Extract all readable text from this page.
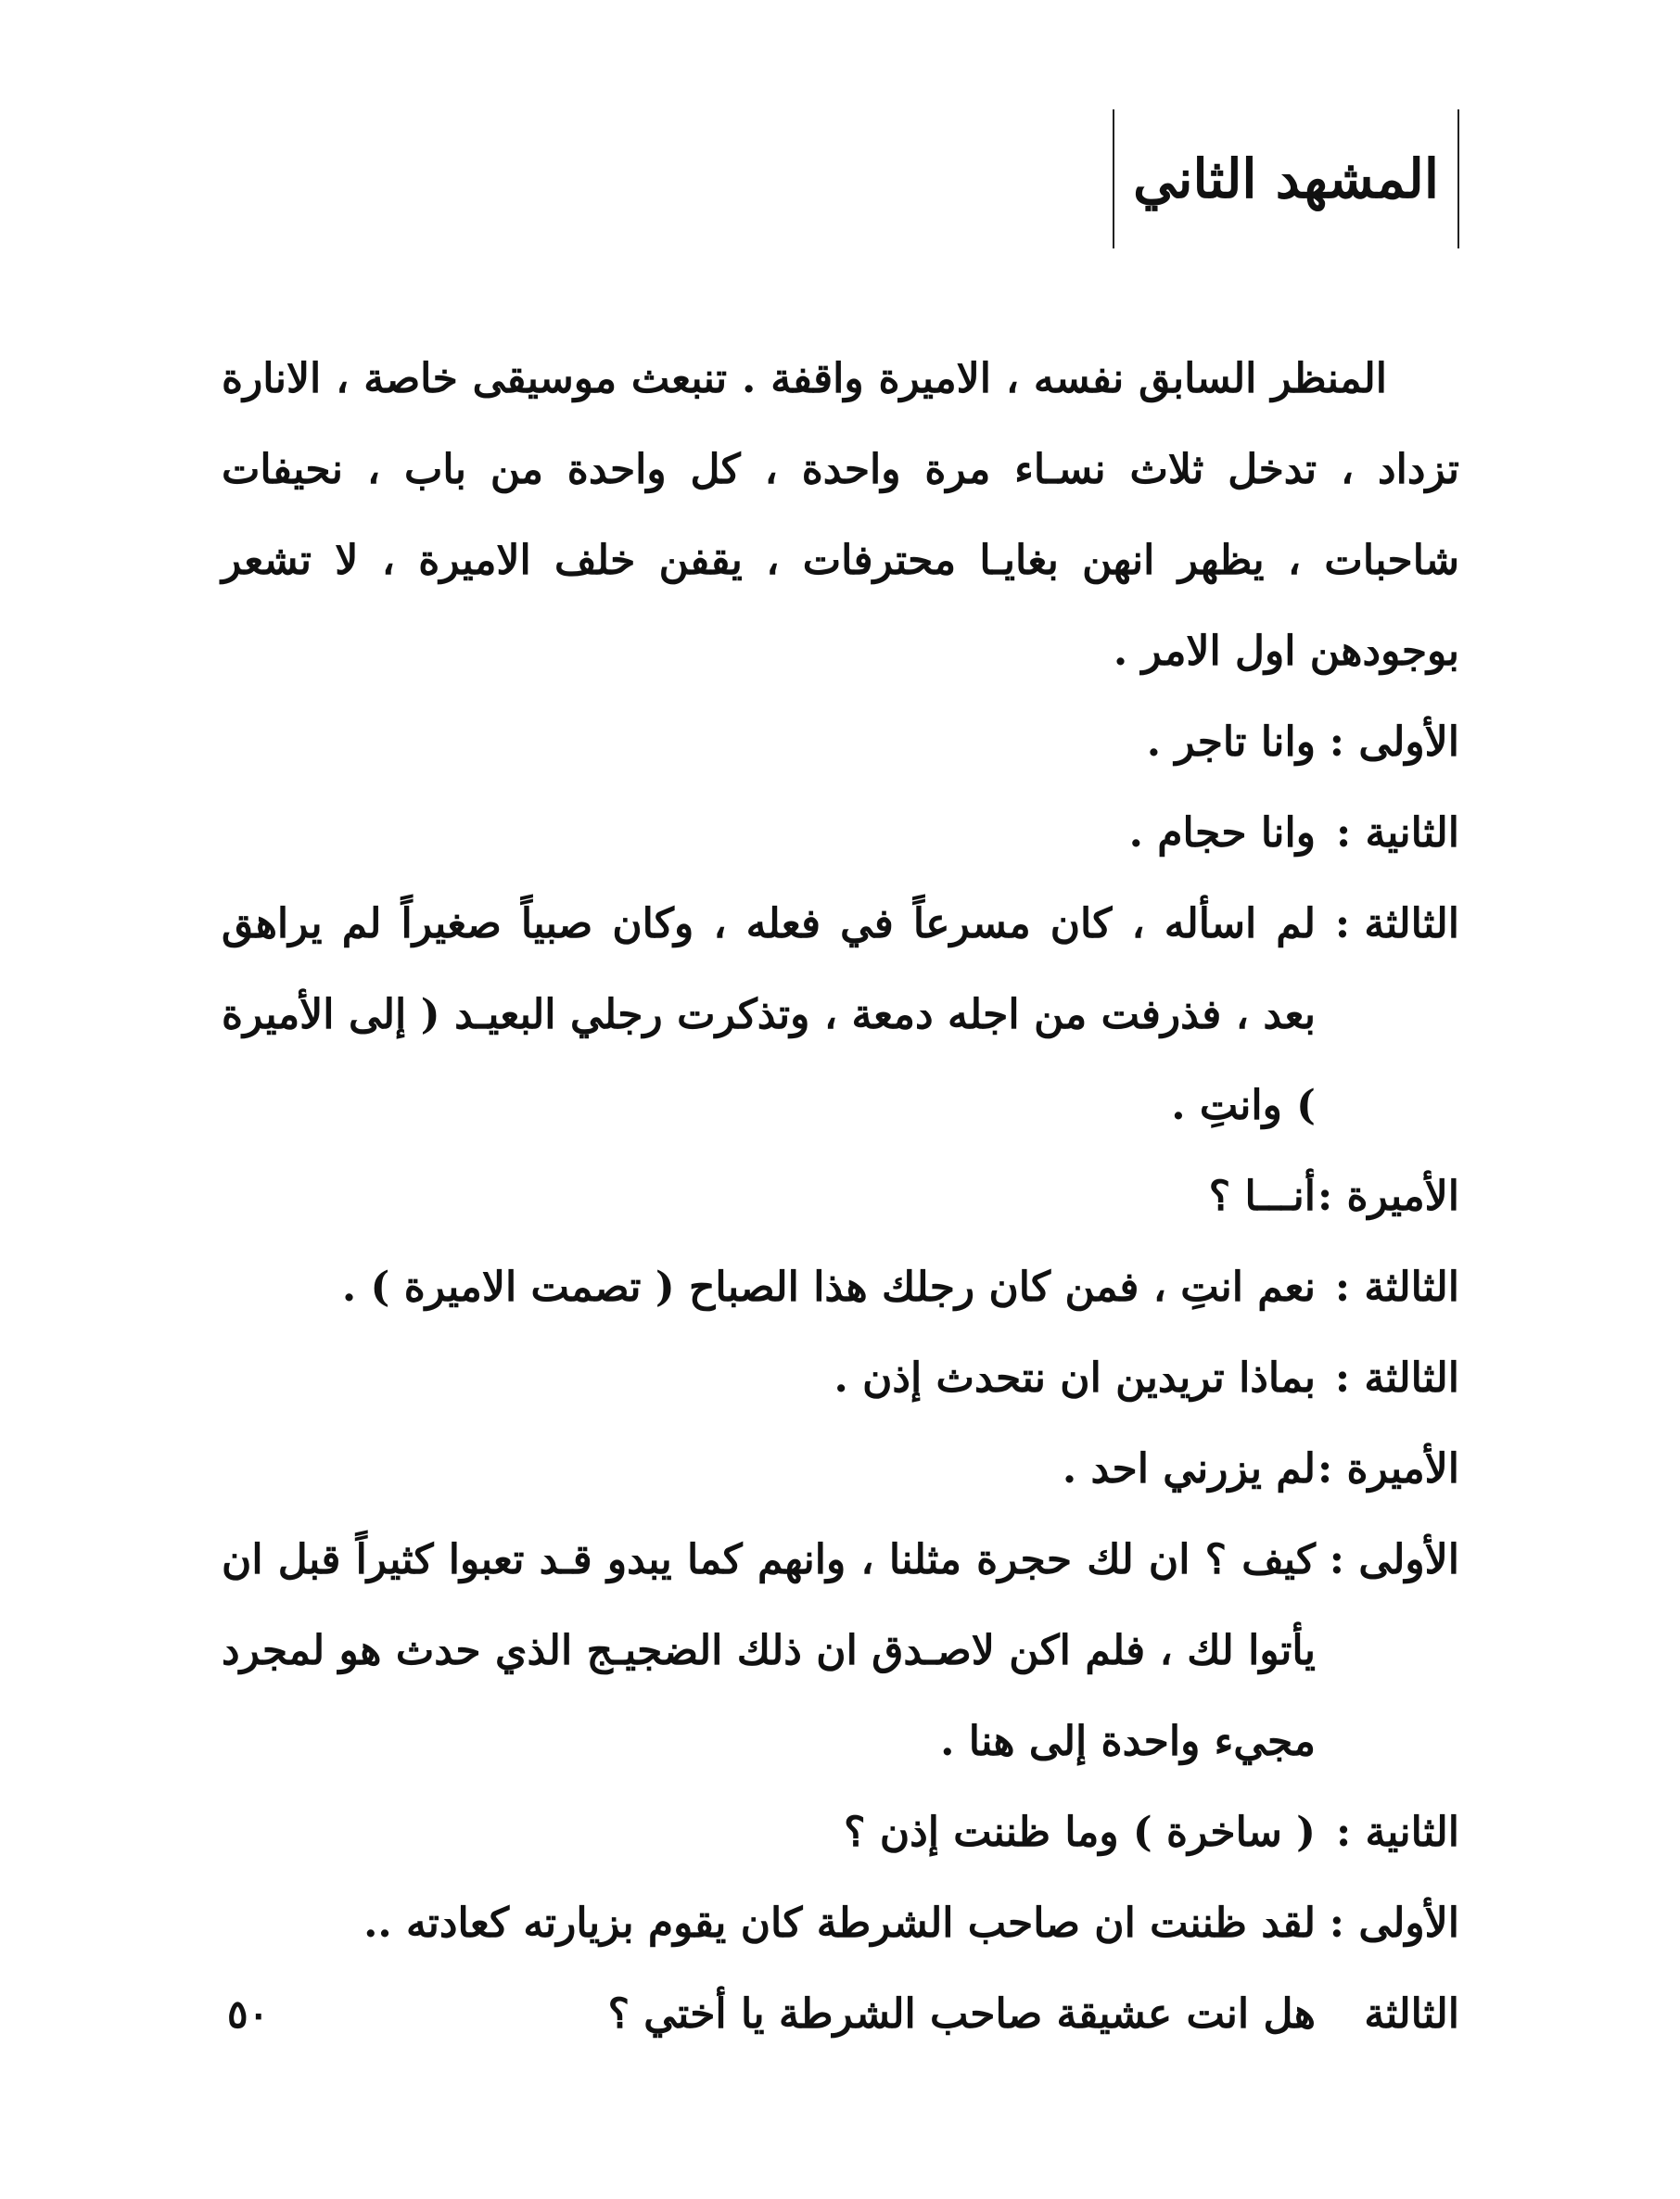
المشهد الثاني

المنظر السابق نفسه ، الاميرة واقفة . تنبعث موسيقى خاصة ، الانارة تزداد ، تدخل ثلاث نسـاء مرة واحدة ، كل واحدة من باب ، نحيفات شاحبات ، يظهر انهن بغايـا محترفات ، يقفن خلف الاميرة ، لا تشعر بوجودهن اول الامر .

الأولى :
وانا تاجر .
الثانية :
وانا حجام .
الثالثة :
لم اسأله ، كان مسرعاً في فعله ، وكان صبياً صغيراً لم يراهق بعد ، فذرفت من اجله دمعة ، وتذكرت رجلي البعيـد ( إلى الأميرة ) وانتِ .
الأميرة :
أنـــا ؟
الثالثة :
نعم انتِ ، فمن كان رجلك هذا الصباح ( تصمت الاميرة ) .
الثالثة :
بماذا تريدين ان نتحدث إذن .
الأميرة :
لم يزرني احد .
الأولى :
كيف ؟ ان لك حجرة مثلنا ، وانهم كما يبدو قـد تعبوا كثيراً قبل ان يأتوا لك ، فلم اكن لاصـدق ان ذلك الضجيـج الذي حدث هو لمجرد مجيء واحدة إلى هنا .
الثانية :
( ساخرة ) وما ظننت إذن ؟
الأولى :
لقد ظننت ان صاحب الشرطة كان يقوم بزيارته كعادته ..
الثالثة
هل انت عشيقة صاحب الشرطة يا أختي ؟
٥٠
